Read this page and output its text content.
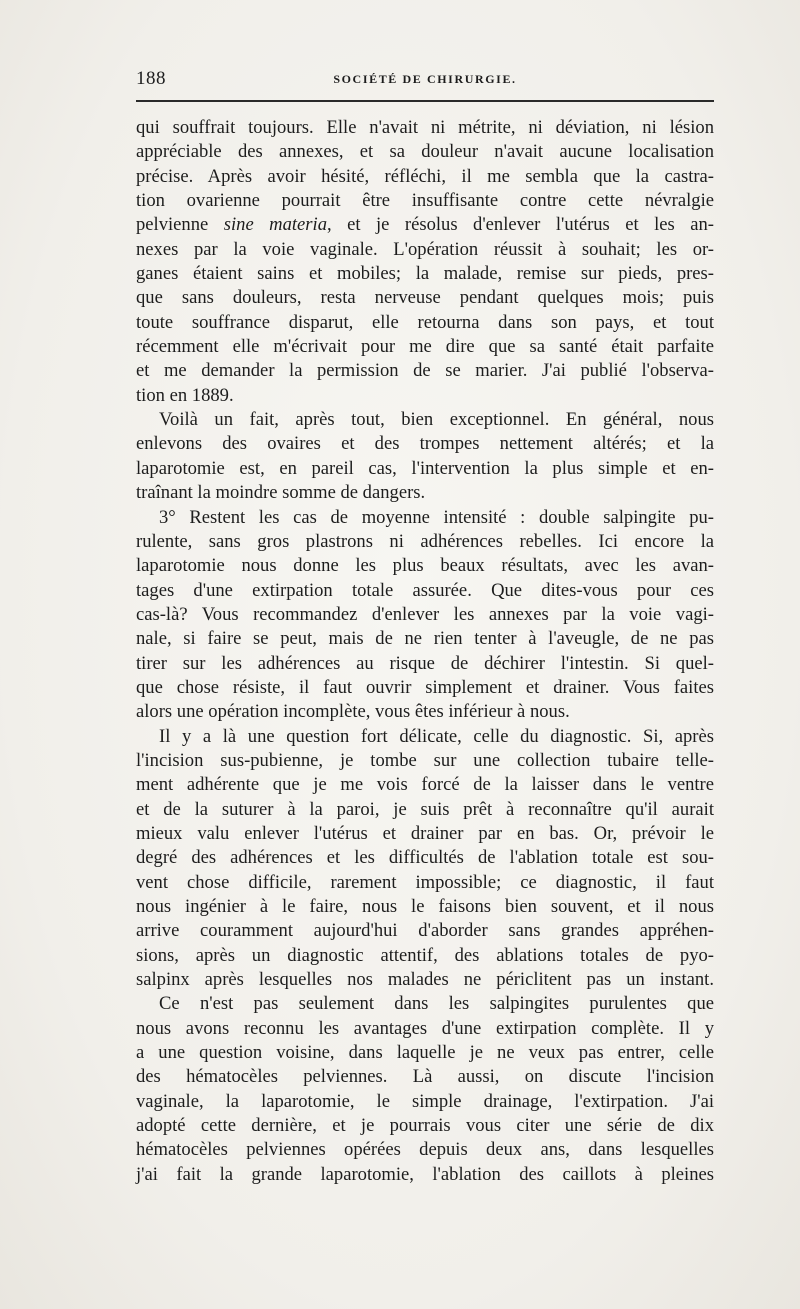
188	SOCIÉTÉ DE CHIRURGIE.

qui souffrait toujours. Elle n'avait ni métrite, ni déviation, ni lésion

appréciable des annexes, et sa douleur n'avait aucune localisation

précise. Après avoir hésité, réfléchi, il me sembla que la castra-

tion ovarienne pourrait être insuffisante contre cette névralgie

pelvienne sine materia, et je résolus d'enlever l'utérus et les an-

nexes par la voie vaginale. L'opération réussit à souhait; les or-

ganes étaient sains et mobiles; la malade, remise sur pieds, pres-

que sans douleurs, resta nerveuse pendant quelques mois; puis

toute souffrance disparut, elle retourna dans son pays, et tout

récemment elle m'écrivait pour me dire que sa santé était parfaite

et me demander la permission de se marier. J'ai publié l'observa-

tion en 1889.

Voilà un fait, après tout, bien exceptionnel. En général, nous

enlevons des ovaires et des trompes nettement altérés; et la

laparotomie est, en pareil cas, l'intervention la plus simple et en-

traînant la moindre somme de dangers.

3° Restent les cas de moyenne intensité : double salpingite pu-

rulente, sans gros plastrons ni adhérences rebelles. Ici encore la

laparotomie nous donne les plus beaux résultats, avec les avan-

tages d'une extirpation totale assurée. Que dites-vous pour ces

cas-là? Vous recommandez d'enlever les annexes par la voie vagi-

nale, si faire se peut, mais de ne rien tenter à l'aveugle, de ne pas

tirer sur les adhérences au risque de déchirer l'intestin. Si quel-

que chose résiste, il faut ouvrir simplement et drainer. Vous faites

alors une opération incomplète, vous êtes inférieur à nous.

Il y a là une question fort délicate, celle du diagnostic. Si, après

l'incision sus-pubienne, je tombe sur une collection tubaire telle-

ment adhérente que je me vois forcé de la laisser dans le ventre

et de la suturer à la paroi, je suis prêt à reconnaître qu'il aurait

mieux valu enlever l'utérus et drainer par en bas. Or, prévoir le

degré des adhérences et les difficultés de l'ablation totale est sou-

vent chose difficile, rarement impossible; ce diagnostic, il faut

nous ingénier à le faire, nous le faisons bien souvent, et il nous

arrive couramment aujourd'hui d'aborder sans grandes appréhen-

sions, après un diagnostic attentif, des ablations totales de pyo-

salpinx après lesquelles nos malades ne périclitent pas un instant.

Ce n'est pas seulement dans les salpingites purulentes que

nous avons reconnu les avantages d'une extirpation complète. Il y

a une question voisine, dans laquelle je ne veux pas entrer, celle

des hématocèles pelviennes. Là aussi, on discute l'incision

vaginale, la laparotomie, le simple drainage, l'extirpation. J'ai

adopté cette dernière, et je pourrais vous citer une série de dix

hématocèles pelviennes opérées depuis deux ans, dans lesquelles

j'ai fait la grande laparotomie, l'ablation des caillots à pleines
